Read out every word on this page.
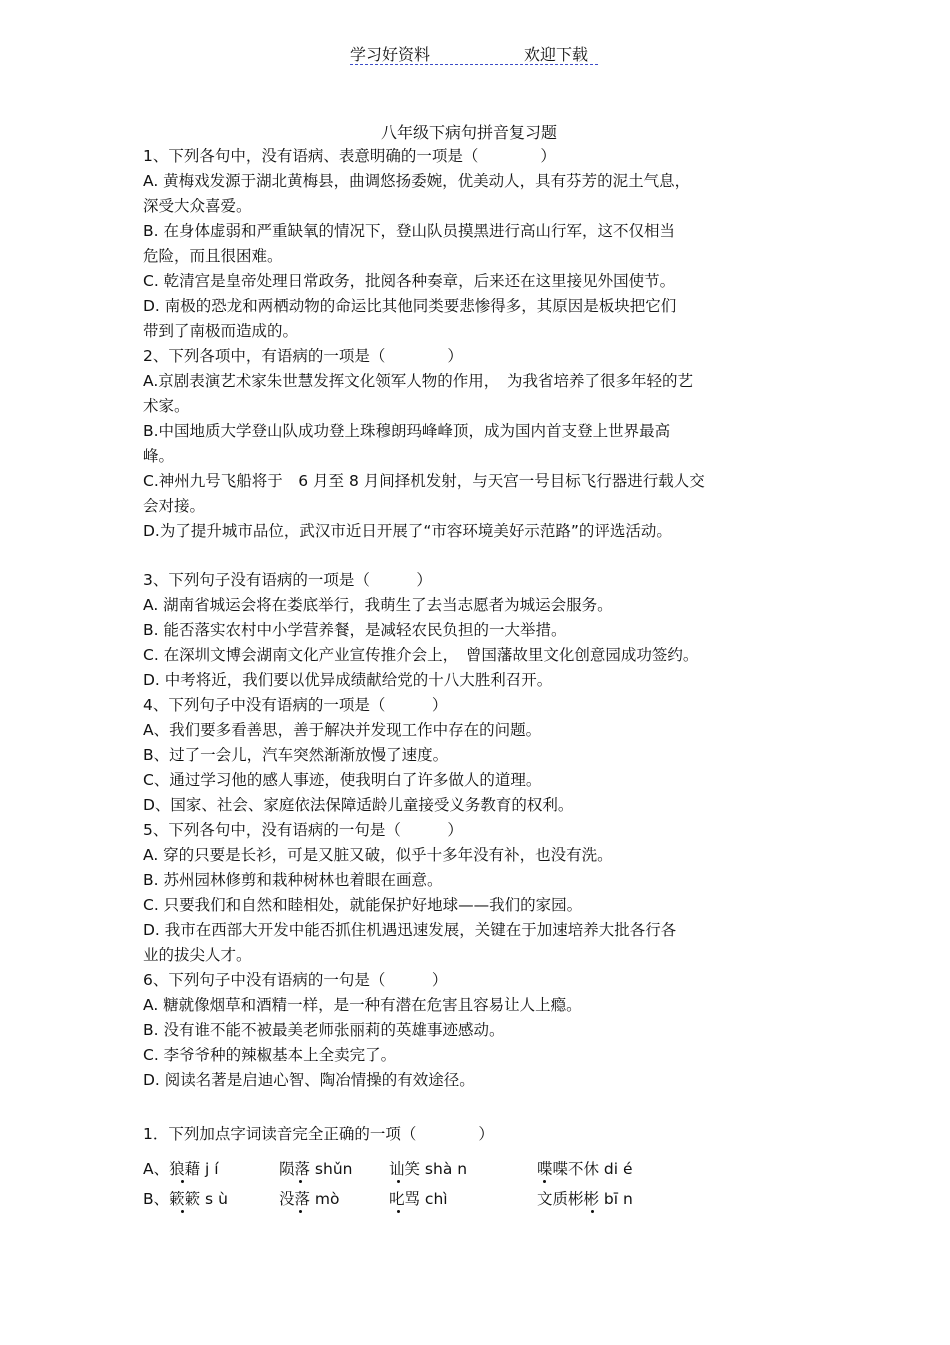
学习好资料	欢迎下载
八年级下病句拼音复习题
1、下列各句中，没有语病、表意明确的一项是（　　　　）
A. 黄梅戏发源于湖北黄梅县，曲调悠扬委婉，优美动人，具有芬芳的泥土气息，
深受大众喜爱。
B. 在身体虚弱和严重缺氧的情况下，登山队员摸黑进行高山行军，这不仅相当
危险，而且很困难。
C. 乾清宫是皇帝处理日常政务，批阅各种奏章，后来还在这里接见外国使节。
D. 南极的恐龙和两栖动物的命运比其他同类要悲惨得多，其原因是板块把它们
带到了南极而造成的。
2、下列各项中，有语病的一项是（　　　　）
A.京剧表演艺术家朱世慧发挥文化领军人物的作用，　为我省培养了很多年轻的艺
术家。
B.中国地质大学登山队成功登上珠穆朗玛峰峰顶，成为国内首支登上世界最高
峰。
C.神州九号飞船将于　6 月至 8 月间择机发射，与天宫一号目标飞行器进行载人交
会对接。
D.为了提升城市品位，武汉市近日开展了“市容环境美好示范路”的评选活动。
3、下列句子没有语病的一项是（　　　）
A. 湖南省城运会将在娄底举行，我萌生了去当志愿者为城运会服务。
B. 能否落实农村中小学营养餐，是减轻农民负担的一大举措。
C. 在深圳文博会湖南文化产业宣传推介会上，　曾国藩故里文化创意园成功签约。
D. 中考将近，我们要以优异成绩献给党的十八大胜利召开。
4、下列句子中没有语病的一项是（　　　）
A、我们要多看善思，善于解决并发现工作中存在的问题。
B、过了一会儿，汽车突然渐渐放慢了速度。
C、通过学习他的感人事迹，使我明白了许多做人的道理。
D、国家、社会、家庭依法保障适龄儿童接受义务教育的权利。
5、下列各句中，没有语病的一句是（　　　）
A. 穿的只要是长衫，可是又脏又破，似乎十多年没有补，也没有洗。
B. 苏州园林修剪和栽种树林也着眼在画意。
C. 只要我们和自然和睦相处，就能保护好地球——我们的家园。
D. 我市在西部大开发中能否抓住机遇迅速发展，关键在于加速培养大批各行各
业的拔尖人才。
6、下列句子中没有语病的一句是（　　　）
A. 糖就像烟草和酒精一样，是一种有潜在危害且容易让人上瘾。
B. 没有谁不能不被最美老师张丽莉的英雄事迹感动。
C. 李爷爷种的辣椒基本上全卖完了。
D. 阅读名著是启迪心智、陶冶情操的有效途径。
1．下列加点字词读音完全正确的一项（　　　　）
A、狼藉 j í	陨落 shǔn 讪笑 shà n	喋喋不休 di é
B、簌簌 s ù	没落 mò	叱骂 chì	文质彬彬 bī n
